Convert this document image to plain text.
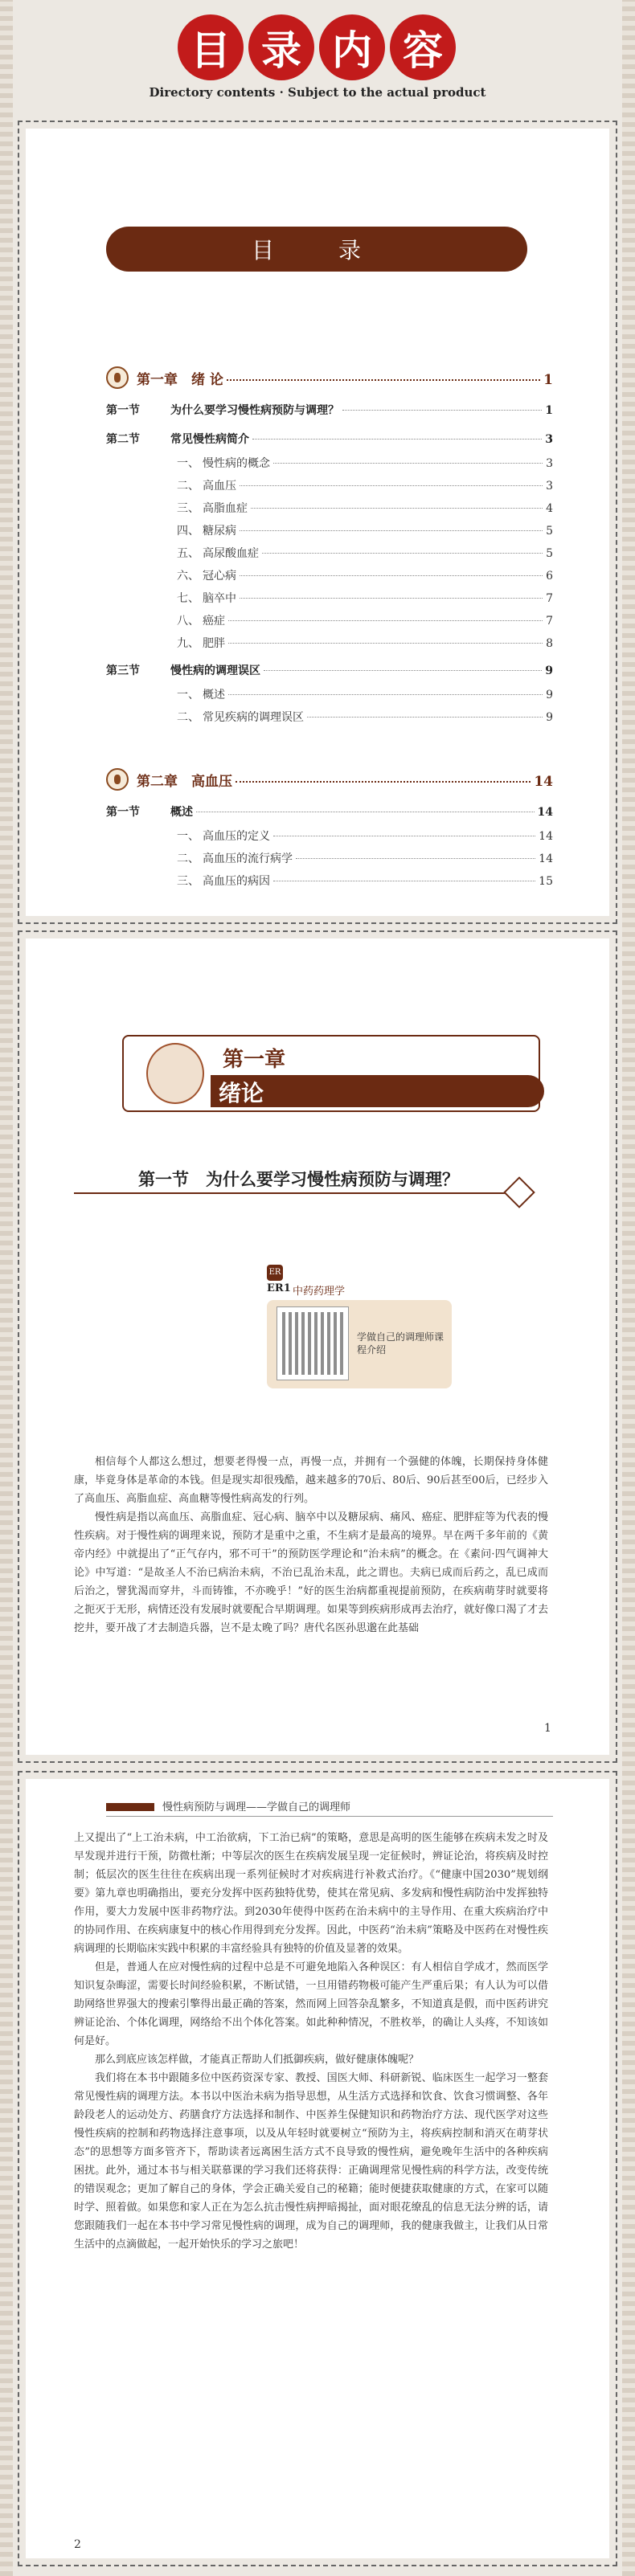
目 录 内 容
Directory contents · Subject to the actual product
目　录
第一章　绪 论	1
第一节	为什么要学习慢性病预防与调理？	1
第二节	常见慢性病简介	3
一、 慢性病的概念	3
二、 高血压	3
三、 高脂血症	4
四、 糖尿病	5
五、 高尿酸血症	5
六、 冠心病	6
七、 脑卒中	7
八、 癌症	7
九、 肥胖	8
第三节	慢性病的调理误区	9
一、 概述	9
二、 常见疾病的调理误区	9
第二章　高血压	14
第一节	概述	14
一、 高血压的定义	14
二、 高血压的流行病学	14
三、 高血压的病因	15
第一章
绪论
第一节　为什么要学习慢性病预防与调理？
ER
ER1 中药药理学
学做自己的调理师课程介绍

相信每个人都这么想过，想要老得慢一点，再慢一点，并拥有一个强健的体魄，长期保持身体健康，毕竟身体是革命的本钱。但是现实却很残酷，越来越多的70后、80后、90后甚至00后，已经步入了高血压、高脂血症、高血糖等慢性病高发的行列。

慢性病是指以高血压、高脂血症、冠心病、脑卒中以及糖尿病、痛风、癌症、肥胖症等为代表的慢性疾病。对于慢性病的调理来说，预防才是重中之重，不生病才是最高的境界。早在两千多年前的《黄帝内经》中就提出了“正气存内，邪不可干”的预防医学理论和“治未病”的概念。在《素问·四气调神大论》中写道：“是故圣人不治已病治未病，不治已乱治未乱，此之谓也。夫病已成而后药之，乱已成而后治之，譬犹渴而穿井，斗而铸锥，不亦晚乎！”好的医生治病都重视提前预防，在疾病萌芽时就要将之扼灭于无形，病情还没有发展时就要配合早期调理。如果等到疾病形成再去治疗，就好像口渴了才去挖井，要开战了才去制造兵器，岂不是太晚了吗？唐代名医孙思邈在此基础

1
慢性病预防与调理——学做自己的调理师

上又提出了“上工治未病，中工治欲病，下工治已病”的策略，意思是高明的医生能够在疾病未发之时及早发现并进行干预，防微杜渐；中等层次的医生在疾病发展呈现一定征候时，辨证论治，将疾病及时控制；低层次的医生往往在疾病出现一系列征候时才对疾病进行补救式治疗。《“健康中国2030”规划纲要》第九章也明确指出，要充分发挥中医药独特优势，使其在常见病、多发病和慢性病防治中发挥独特作用，要大力发展中医非药物疗法。到2030年使得中医药在治未病中的主导作用、在重大疾病治疗中的协同作用、在疾病康复中的核心作用得到充分发挥。因此，中医药“治未病”策略及中医药在对慢性疾病调理的长期临床实践中积累的丰富经验具有独特的价值及显著的效果。

但是，普通人在应对慢性病的过程中总是不可避免地陷入各种误区：有人相信自学成才，然而医学知识复杂晦涩，需要长时间经验积累，不断试错，一旦用错药物极可能产生严重后果；有人认为可以借助网络世界强大的搜索引擎得出最正确的答案，然而网上回答杂乱繁多，不知道真是假，而中医药讲究辨证论治、个体化调理，网络给不出个体化答案。如此种种情况，不胜枚举，的确让人头疼，不知该如何是好。

那么到底应该怎样做，才能真正帮助人们抵御疾病，做好健康体魄呢？

我们将在本书中跟随多位中医药资深专家、教授、国医大师、科研新锐、临床医生一起学习一整套常见慢性病的调理方法。本书以中医治未病为指导思想，从生活方式选择和饮食、饮食习惯调整、各年龄段老人的运动处方、药膳食疗方法选择和制作、中医养生保健知识和药物治疗方法、现代医学对这些慢性疾病的控制和药物选择注意事项，以及从年轻时就要树立“预防为主，将疾病控制和消灭在萌芽状态”的思想等方面多管齐下，帮助读者远离困生活方式不良导致的慢性病，避免晚年生活中的各种疾病困扰。此外，通过本书与相关联慕课的学习我们还将获得：正确调理常见慢性病的科学方法，改变传统的错误观念；更加了解自己的身体，学会正确关爱自己的秘籍；能时便捷获取健康的方式，在家可以随时学、照着做。如果您和家人正在为怎么抗击慢性病押暗揭扯，面对眼花缭乱的信息无法分辨的话，请您跟随我们一起在本书中学习常见慢性病的调理，成为自己的调理师，我的健康我做主，让我们从日常生活中的点滴做起，一起开始快乐的学习之旅吧！

2
